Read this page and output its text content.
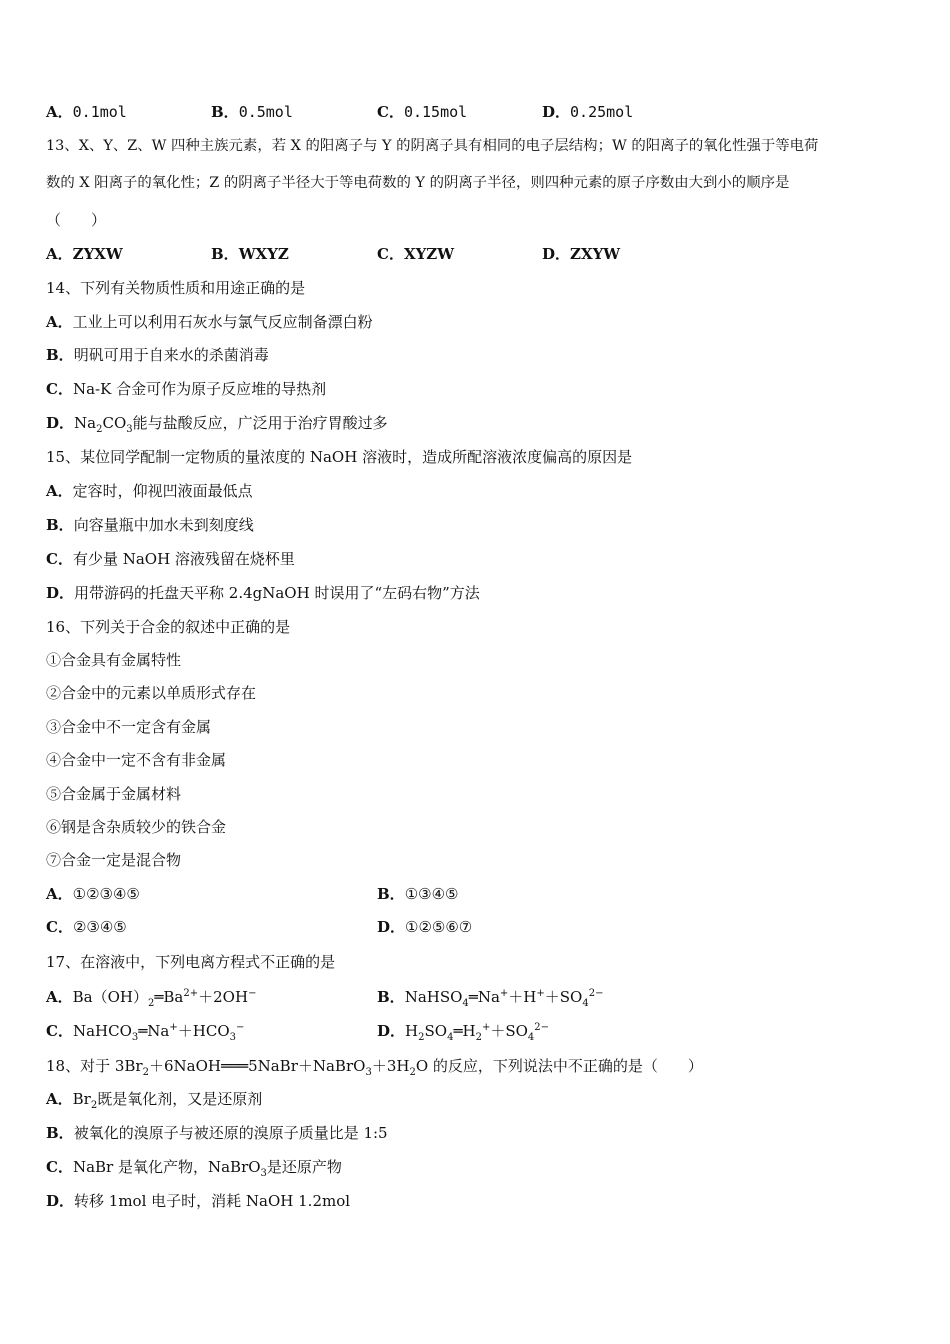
A．0.1mol	B．0.5mol	C．0.15mol	D．0.25mol
13、X、Y、Z、W 四种主族元素，若 X 的阳离子与 Y 的阴离子具有相同的电子层结构；W 的阳离子的氧化性强于等电荷
数的 X 阳离子的氧化性；Z 的阴离子半径大于等电荷数的 Y 的阴离子半径，则四种元素的原子序数由大到小的顺序是
（　　）
A．ZYXW	B．WXYZ	C．XYZW	D．ZXYW
14、下列有关物质性质和用途正确的是
A．工业上可以利用石灰水与氯气反应制备漂白粉
B．明矾可用于自来水的杀菌消毒
C．Na-K 合金可作为原子反应堆的导热剂
D．$Na_2CO_3$能与盐酸反应，广泛用于治疗胃酸过多
15、某位同学配制一定物质的量浓度的 NaOH 溶液时，造成所配溶液浓度偏高的原因是
A．定容时，仰视凹液面最低点
B．向容量瓶中加水未到刻度线
C．有少量 NaOH 溶液残留在烧杯里
D．用带游码的托盘天平称 2.4gNaOH 时误用了“左码右物”方法
16、下列关于合金的叙述中正确的是
①合金具有金属特性
②合金中的元素以单质形式存在
③合金中不一定含有金属
④合金中一定不含有非金属
⑤合金属于金属材料
⑥钢是含杂质较少的铁合金
⑦合金一定是混合物
A．①②③④⑤	B．①③④⑤
C．②③④⑤	D．①②⑤⑥⑦
17、在溶液中，下列电离方程式不正确的是
A．$Ba(OH)_2═Ba^{2+}+2OH^-$	B．$NaHSO_4═Na^++H^++SO_4^{2-}$
C．$NaHCO_3═Na^++HCO_3^-$	D．$H_2SO_4═H_2^++SO_4^{2-}$
18、对于 $3Br_2+6NaOH═══5NaBr+NaBrO_3+3H_2O$ 的反应，下列说法中不正确的是（　　）
A．$Br_2$既是氧化剂，又是还原剂
B．被氧化的溴原子与被还原的溴原子质量比是 1:5
C．NaBr 是氧化产物，NaBrO$_3$是还原产物
D．转移 1mol 电子时，消耗 NaOH 1.2mol
